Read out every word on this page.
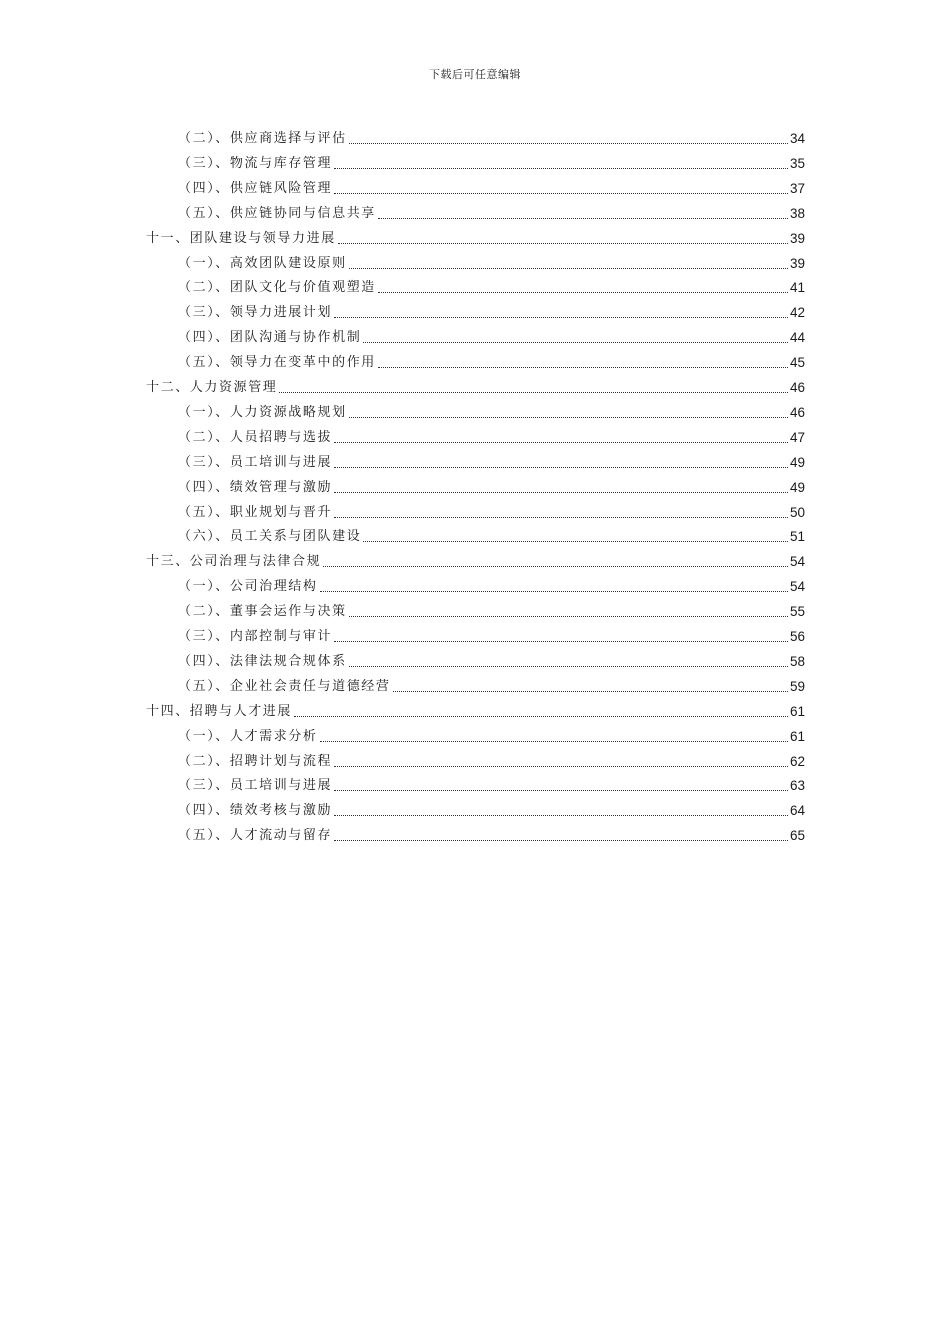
下载后可任意编辑
（二）、供应商选择与评估	34
（三）、物流与库存管理	35
（四）、供应链风险管理	37
（五）、供应链协同与信息共享	38
十一、团队建设与领导力进展	39
（一）、高效团队建设原则	39
（二）、团队文化与价值观塑造	41
（三）、领导力进展计划	42
（四）、团队沟通与协作机制	44
（五）、领导力在变革中的作用	45
十二、人力资源管理	46
（一）、人力资源战略规划	46
（二）、人员招聘与选拔	47
（三）、员工培训与进展	49
（四）、绩效管理与激励	49
（五）、职业规划与晋升	50
（六）、员工关系与团队建设	51
十三、公司治理与法律合规	54
（一）、公司治理结构	54
（二）、董事会运作与决策	55
（三）、内部控制与审计	56
（四）、法律法规合规体系	58
（五）、企业社会责任与道德经营	59
十四、招聘与人才进展	61
（一）、人才需求分析	61
（二）、招聘计划与流程	62
（三）、员工培训与进展	63
（四）、绩效考核与激励	64
（五）、人才流动与留存	65
